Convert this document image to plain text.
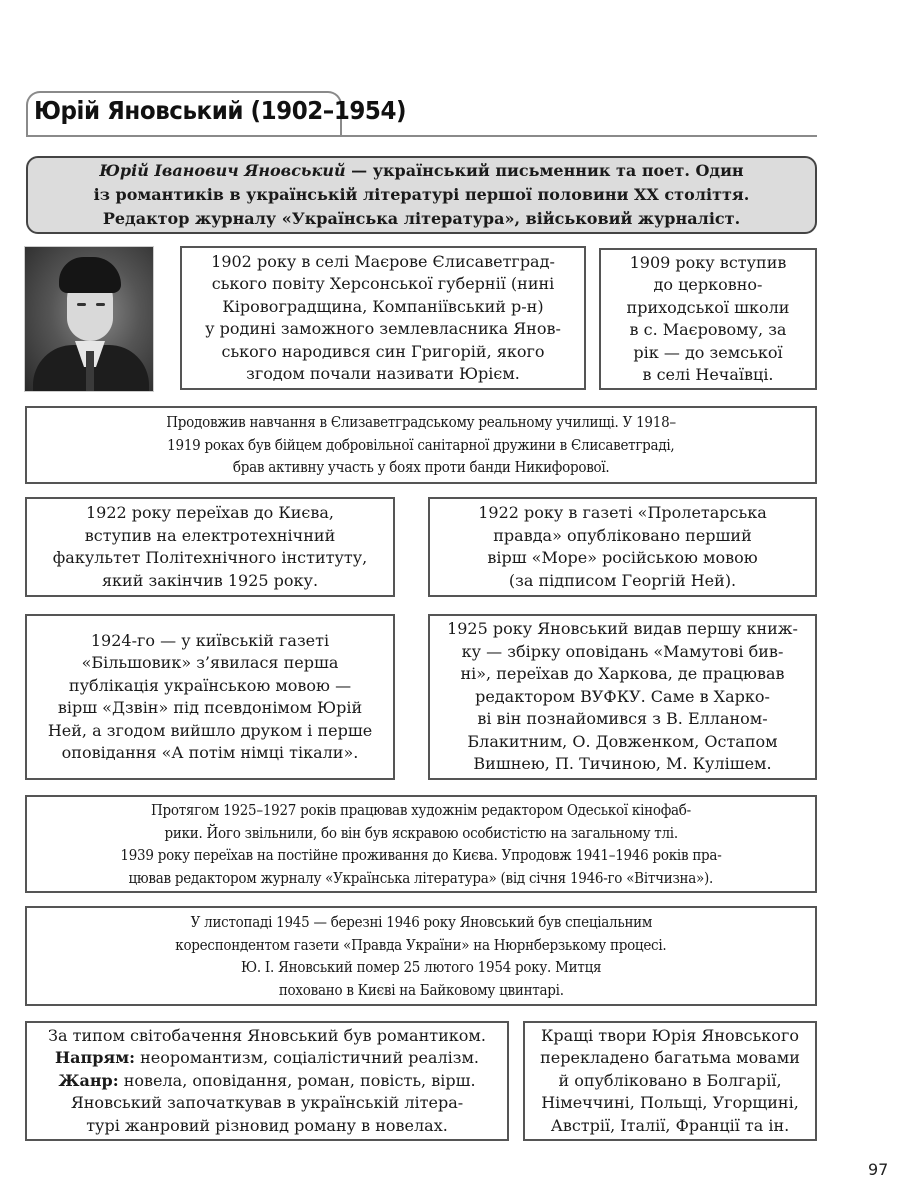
Юрій Яновський (1902–1954)
Юрій Іванович Яновський — український письменник та поет. Один
із романтиків в українській літературі першої половини XX століття.
Редактор журналу «Українська література», військовий журналіст.
1902 року в селі Маєрове Єлисаветград-
ського повіту Херсонської губернії (нині
Кіровоградщина, Компаніївський р-н)
у родині заможного землевласника Янов-
ського народився син Григорій, якого
згодом почали називати Юрієм.
1909 року вступив
до церковно-
приходської школи
в с. Маєровому, за
рік — до земської
в селі Нечаївці.
Продовжив навчання в Єлизаветградському реальному училищі. У 1918–
1919 роках був бійцем добровільної санітарної дружини в Єлисаветграді,
брав активну участь у боях проти банди Никифорової.
1922 року переїхав до Києва,
вступив на електротехнічний
факультет Політехнічного інституту,
який закінчив 1925 року.
1922 року в газеті «Пролетарська
правда» опубліковано перший
вірш «Море» російською мовою
(за підписом Георгій Ней).
1924-го — у київській газеті
«Більшовик» з’явилася перша
публікація українською мовою —
вірш «Дзвін» під псевдонімом Юрій
Ней, а згодом вийшло друком і перше
оповідання «А потім німці тікали».
1925 року Яновський видав першу книж-
ку — збірку оповідань «Мамутові бив-
ні», переїхав до Харкова, де працював
редактором ВУФКУ. Саме в Харко-
ві він познайомився з В. Елланом-
Блакитним, О. Довженком, Остапом
Вишнею, П. Тичиною, М. Кулішем.
Протягом 1925–1927 років працював художнім редактором Одеської кінофаб-
рики. Його звільнили, бо він був яскравою особистістю на загальному тлі.
1939 року переїхав на постійне проживання до Києва. Упродовж 1941–1946 років пра-
цював редактором журналу «Українська література» (від січня 1946-го «Вітчизна»).
У листопаді 1945 — березні 1946 року Яновський був спеціальним
кореспондентом газети «Правда України» на Нюрнберзькому процесі.
Ю. І. Яновський помер 25 лютого 1954 року. Митця
поховано в Києві на Байковому цвинтарі.
За типом світобачення Яновський був романтиком.
Напрям: неоромантизм, соціалістичний реалізм.
Жанр: новела, оповідання, роман, повість, вірш.
Яновський започаткував в українській літера-
турі жанровий різновид роману в новелах.
Кращі твори Юрія Яновського
перекладено багатьма мовами
й опубліковано в Болгарії,
Німеччині, Польщі, Угорщині,
Австрії, Італії, Франції та ін.
97
